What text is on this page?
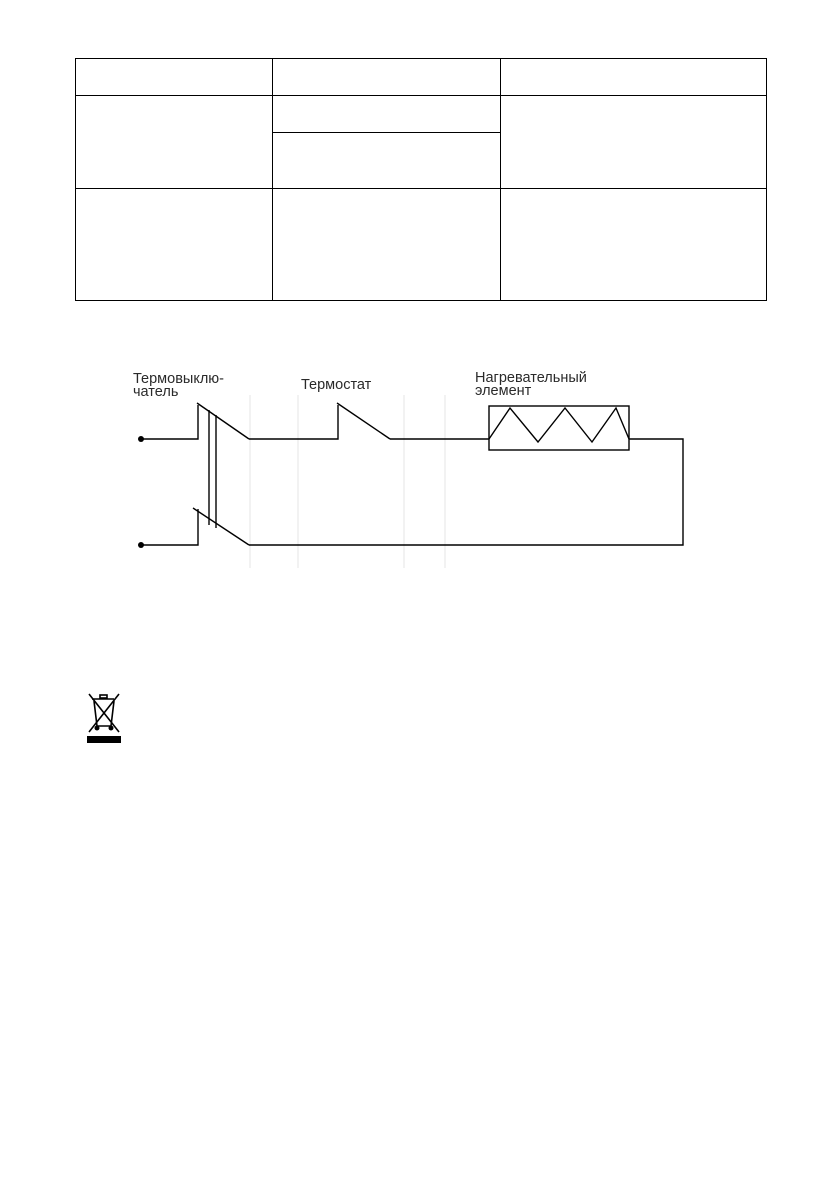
Термовыклю-
чатель	Термостат	Нагревательный
элемент
